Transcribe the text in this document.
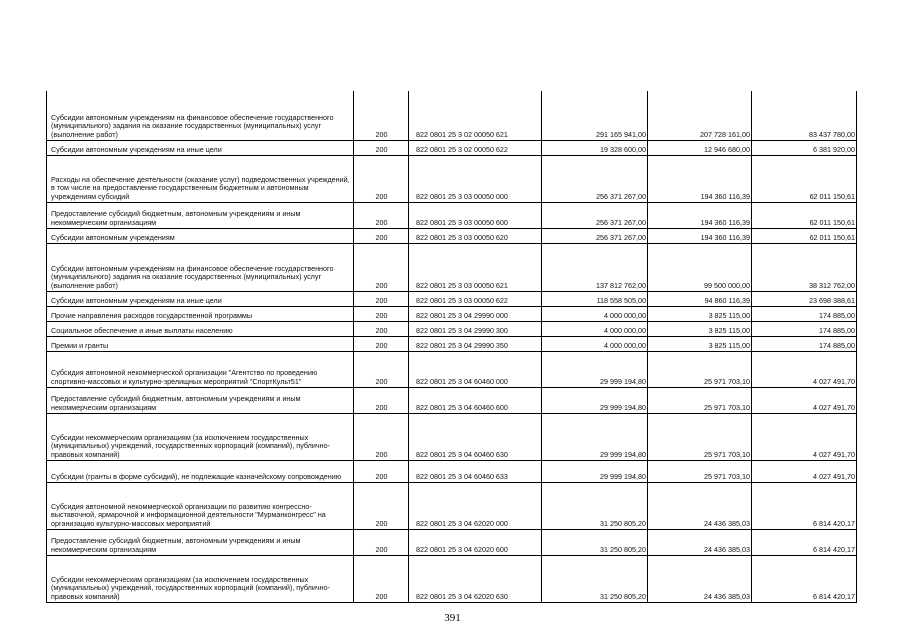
Субсидии автономным учреждениям на финансовое обеспечение государственного (муниципального) задания на оказание государственных (муниципальных) услуг (выполнение работ)	200	822 0801 25 3 02 00050 621	291 165 941,00	207 728 161,00	83 437 780,00
Субсидии автономным учреждениям на иные цели	200	822 0801 25 3 02 00050 622	19 328 600,00	12 946 680,00	6 381 920,00
Расходы на обеспечение деятельности (оказание услуг) подведомственных учреждений, в том числе на предоставление государственным бюджетным и автономным учреждениям субсидий	200	822 0801 25 3 03 00050 000	256 371 267,00	194 360 116,39	62 011 150,61
Предоставление субсидий бюджетным, автономным учреждениям и иным некоммерческим организациям	200	822 0801 25 3 03 00050 600	256 371 267,00	194 360 116,39	62 011 150,61
Субсидии автономным учреждениям	200	822 0801 25 3 03 00050 620	256 371 267,00	194 360 116,39	62 011 150,61
Субсидии автономным учреждениям на финансовое обеспечение государственного (муниципального) задания на оказание государственных (муниципальных) услуг (выполнение работ)	200	822 0801 25 3 03 00050 621	137 812 762,00	99 500 000,00	38 312 762,00
Субсидии автономным учреждениям на иные цели	200	822 0801 25 3 03 00050 622	118 558 505,00	94 860 116,39	23 698 388,61
Прочие направления расходов государственной программы	200	822 0801 25 3 04 29990 000	4 000 000,00	3 825 115,00	174 885,00
Социальное обеспечение и иные выплаты населению	200	822 0801 25 3 04 29990 300	4 000 000,00	3 825 115,00	174 885,00
Премии и гранты	200	822 0801 25 3 04 29990 350	4 000 000,00	3 825 115,00	174 885,00
Субсидия автономной некоммерческой организации "Агентство по проведению спортивно-массовых и культурно-зрелищных мероприятий "СпортКульт51"	200	822 0801 25 3 04 60460 000	29 999 194,80	25 971 703,10	4 027 491,70
Предоставление субсидий бюджетным, автономным учреждениям и иным некоммерческим организациям	200	822 0801 25 3 04 60460 600	29 999 194,80	25 971 703,10	4 027 491,70
Субсидии некоммерческим организациям (за исключением государственных (муниципальных) учреждений, государственных корпораций (компаний), публично-правовых компаний)	200	822 0801 25 3 04 60460 630	29 999 194,80	25 971 703,10	4 027 491,70
Субсидии (гранты в форме субсидий), не подлежащие казначейскому сопровождению	200	822 0801 25 3 04 60460 633	29 999 194,80	25 971 703,10	4 027 491,70
Субсидия автономной некоммерческой организации по развитию конгрессно-выставочной, ярмарочной и информационной деятельности "Мурманконгресс" на организацию культурно-массовых мероприятий	200	822 0801 25 3 04 62020 000	31 250 805,20	24 436 385,03	6 814 420,17
Предоставление субсидий бюджетным, автономным учреждениям и иным некоммерческим организациям	200	822 0801 25 3 04 62020 600	31 250 805,20	24 436 385,03	6 814 420,17
Субсидии некоммерческим организациям (за исключением государственных (муниципальных) учреждений, государственных корпораций (компаний), публично-правовых компаний)	200	822 0801 25 3 04 62020 630	31 250 805,20	24 436 385,03	6 814 420,17
391
